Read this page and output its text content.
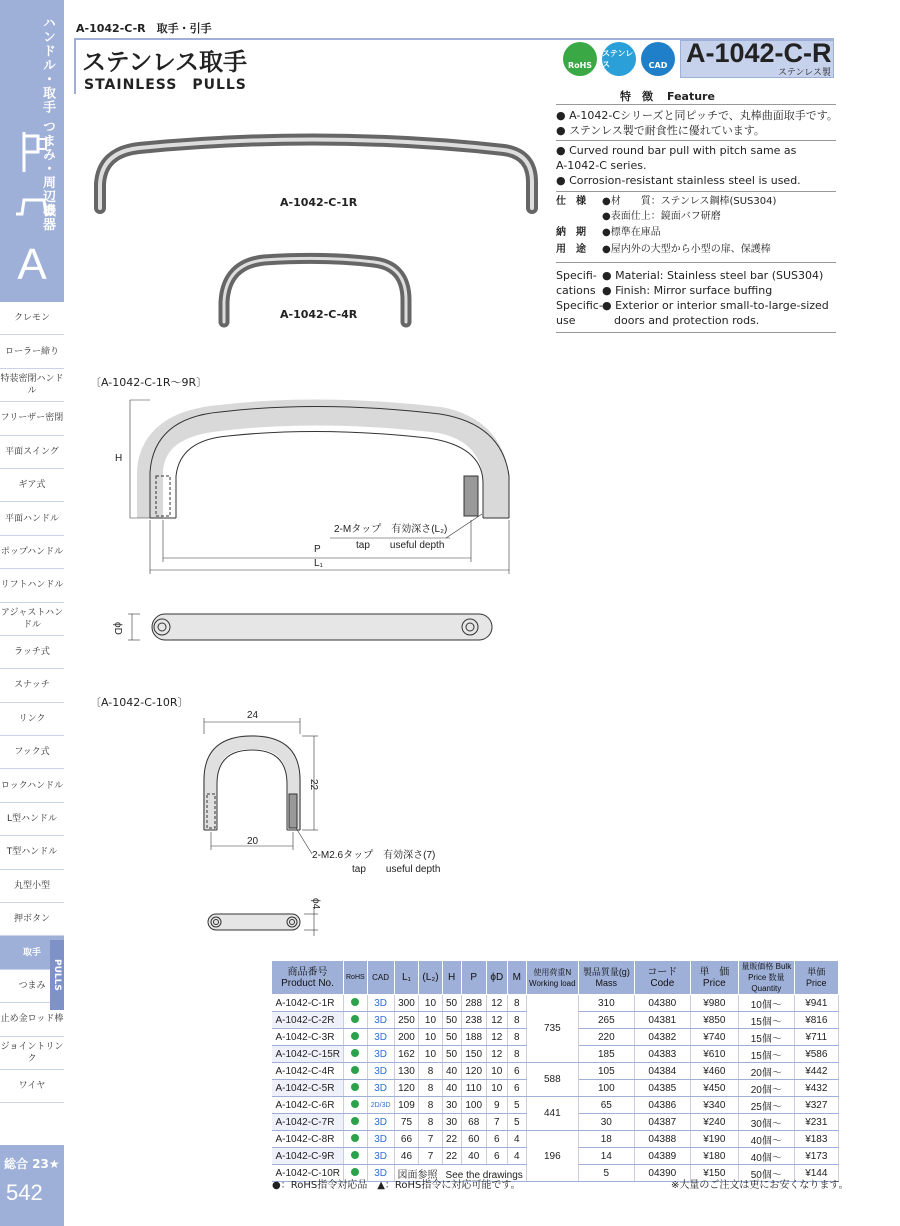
ハンドル・取手 つまみ・周辺機器
A
クレモン
ローラー締り
特装密閉ハンドル
フリーザー密閉
平面スイング
ギア式
平面ハンドル
ポップハンドル
リフトハンドル
アジャストハンドル
ラッチ式
スナッチ
リンク
フック式
ロックハンドル
L型ハンドル
T型ハンドル
丸型小型
押ボタン
取手
つまみ
止め金ロッド棒
ジョイントリンク
ワイヤ
PULLS
総合 23★
542
A-1042-C-R　取手・引手
ステンレス取手
STAINLESS　PULLS
RoHS
ステンレス	CAD A-1042-C-R
ステンレス製
特　徴 Feature
● A-1042-Cシリーズと同ピッチで、丸棒曲面取手です。
● ステンレス製で耐食性に優れています。
● Curved round bar pull with pitch same as A-1042-C series.
● Corrosion-resistant stainless steel is used.
仕　様 ●材　　質：ステンレス鋼棒(SUS304)
●表面仕上：鏡面バフ研磨
納　期 ●標準在庫品
用　途 ●屋内外の大型から小型の扉、保護棒
Specifi- ● Material: Stainless steel bar (SUS304)
cations ● Finish: Mirror surface buffing
Specific- ● Exterior or interior small-to-large-sized
use	doors and protection rods.
A-1042-C-1R
A-1042-C-4R
〔A-1042-C-1R〜9R〕
H
P
L₁
ϕD
2-Mタップ　有効深さ(L₂)
tap　　useful depth
〔A-1042-C-10R〕
24
22
20
ϕ4
2-M2.6タップ　有効深さ(7)
tap　　useful depth
商品番号 Product No.	RoHS	CAD	L₁	(L₂)	H	P	ϕD	M	使用荷重N Working load	製品質量(g) Mass	コード Code	単　価 Price	量販価格 Bulk Price 数量 Quantity	単価 Price
A-1042-C-1R		3D	300	10	50	288	12	8	735	310	04380	¥980	10個〜	¥941
A-1042-C-2R		3D	250	10	50	238	12	8		265	04381	¥850	15個〜	¥816
A-1042-C-3R		3D	200	10	50	188	12	8		220	04382	¥740	15個〜	¥711
A-1042-C-15R		3D	162	10	50	150	12	8		185	04383	¥610	15個〜	¥586
A-1042-C-4R		3D	130	8	40	120	10	6	588	105	04384	¥460	20個〜	¥442
A-1042-C-5R		3D	120	8	40	110	10	6		100	04385	¥450	20個〜	¥432
A-1042-C-6R		2D/3D	109	8	30	100	9	5	441	65	04386	¥340	25個〜	¥327
A-1042-C-7R		3D	75	8	30	68	7	5		30	04387	¥240	30個〜	¥231
A-1042-C-8R		3D	66	7	22	60	6	4	196	18	04388	¥190	40個〜	¥183
A-1042-C-9R		3D	46	7	22	40	6	4		14	04389	¥180	40個〜	¥173
A-1042-C-10R		3D	図面参照 See the drawings							5	04390	¥150	50個〜	¥144
●：RoHS指令対応品　▲：RoHS指令に対応可能です。	※大量のご注文は更にお安くなります。
